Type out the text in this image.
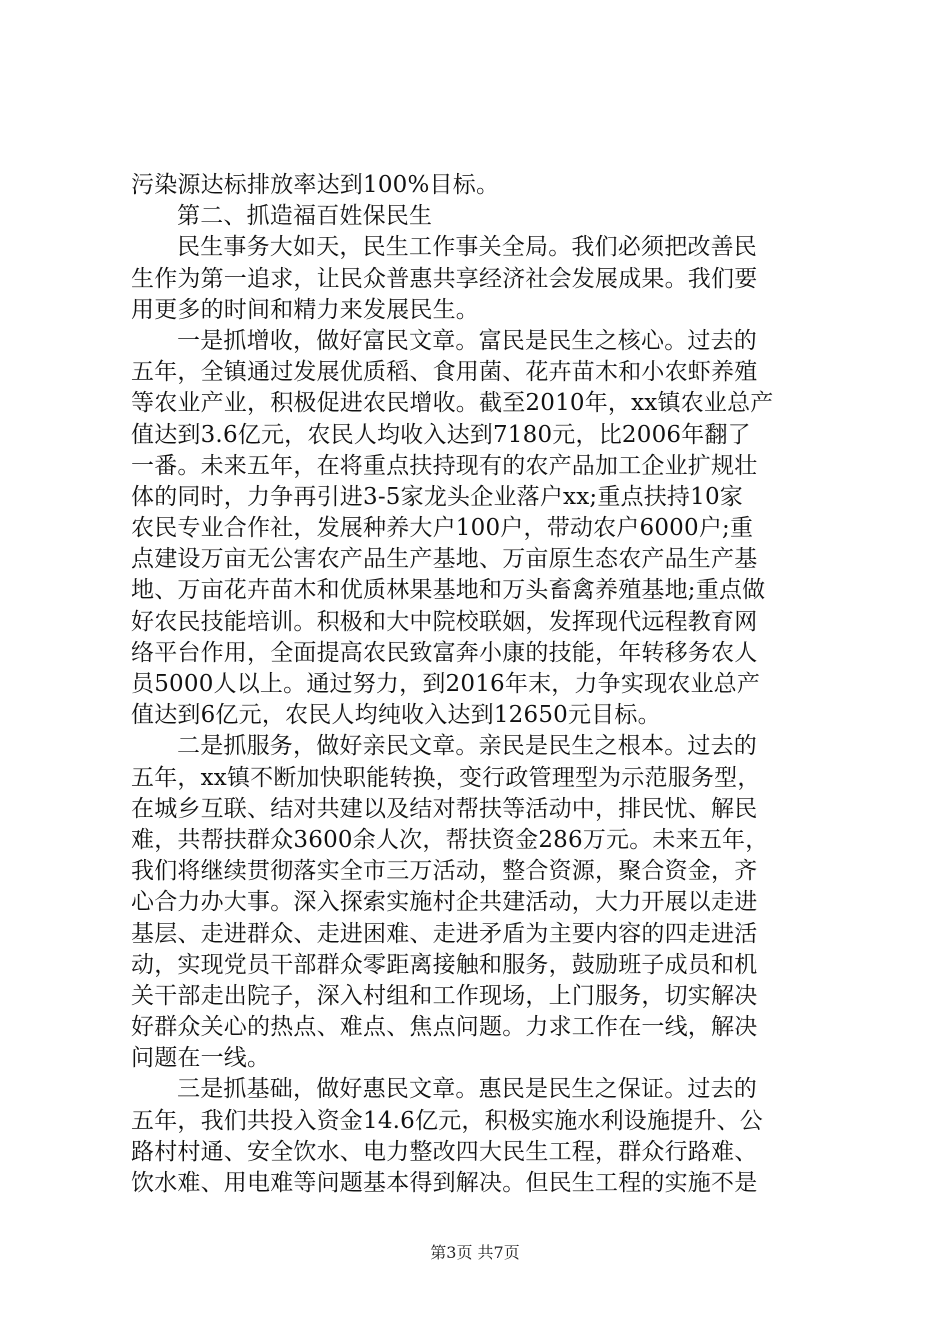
污染源达标排放率达到100%目标。
第二、抓造福百姓保民生
民生事务大如天，民生工作事关全局。我们必须把改善民
生作为第一追求，让民众普惠共享经济社会发展成果。我们要
用更多的时间和精力来发展民生。
一是抓增收，做好富民文章。富民是民生之核心。过去的
五年，全镇通过发展优质稻、食用菌、花卉苗木和小农虾养殖
等农业产业，积极促进农民增收。截至2010年，xx镇农业总产
值达到3.6亿元，农民人均收入达到7180元，比2006年翻了
一番。未来五年，在将重点扶持现有的农产品加工企业扩规壮
体的同时，力争再引进3-5家龙头企业落户xx;重点扶持10家
农民专业合作社，发展种养大户100户，带动农户6000户;重
点建设万亩无公害农产品生产基地、万亩原生态农产品生产基
地、万亩花卉苗木和优质林果基地和万头畜禽养殖基地;重点做
好农民技能培训。积极和大中院校联姻，发挥现代远程教育网
络平台作用，全面提高农民致富奔小康的技能，年转移务农人
员5000人以上。通过努力，到2016年末，力争实现农业总产
值达到6亿元，农民人均纯收入达到12650元目标。
二是抓服务，做好亲民文章。亲民是民生之根本。过去的
五年，xx镇不断加快职能转换，变行政管理型为示范服务型，
在城乡互联、结对共建以及结对帮扶等活动中，排民忧、解民
难，共帮扶群众3600余人次，帮扶资金286万元。未来五年，
我们将继续贯彻落实全市三万活动，整合资源，聚合资金，齐
心合力办大事。深入探索实施村企共建活动，大力开展以走进
基层、走进群众、走进困难、走进矛盾为主要内容的四走进活
动，实现党员干部群众零距离接触和服务，鼓励班子成员和机
关干部走出院子，深入村组和工作现场，上门服务，切实解决
好群众关心的热点、难点、焦点问题。力求工作在一线，解决
问题在一线。
三是抓基础，做好惠民文章。惠民是民生之保证。过去的
五年，我们共投入资金14.6亿元，积极实施水利设施提升、公
路村村通、安全饮水、电力整改四大民生工程，群众行路难、
饮水难、用电难等问题基本得到解决。但民生工程的实施不是
第3页 共7页
